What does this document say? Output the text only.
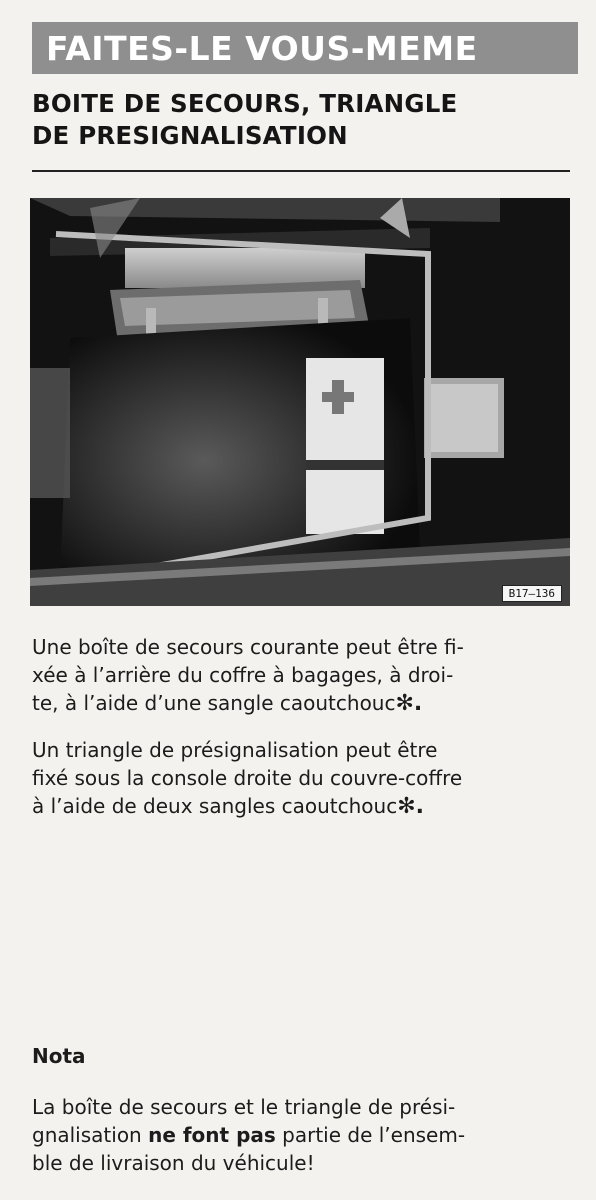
FAITES-LE VOUS-MEME
BOITE DE SECOURS, TRIANGLE
DE PRESIGNALISATION
B17–136
Une boîte de secours courante peut être fi-
xée à l’arrière du coffre à bagages, à droi-
te, à l’aide d’une sangle caoutchouc✻.
Un triangle de présignalisation peut être
fixé sous la console droite du couvre-coffre
à l’aide de deux sangles caoutchouc✻.
Nota
La boîte de secours et le triangle de prési-
gnalisation ne font pas partie de l’ensem-
ble de livraison du véhicule!
